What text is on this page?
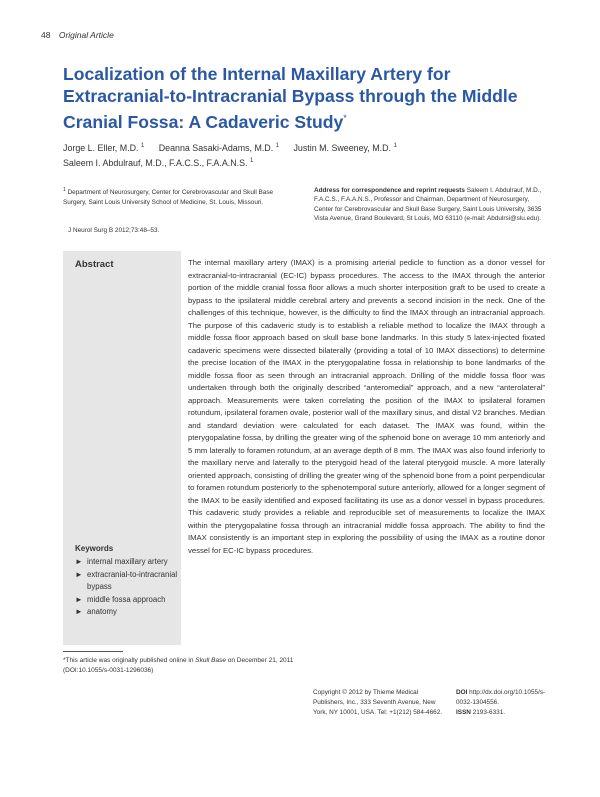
48 Original Article
Localization of the Internal Maxillary Artery for Extracranial-to-Intracranial Bypass through the Middle Cranial Fossa: A Cadaveric Study*
Jorge L. Eller, M.D. $^1$ Deanna Sasaki-Adams, M.D. $^1$ Justin M. Sweeney, M.D. $^1$
Saleem I. Abdulrauf, M.D., F.A.C.S., F.A.A.N.S. $^1$
$^1$ Department of Neurosurgery, Center for Cerebrovascular and Skull Base Surgery, Saint Louis University School of Medicine, St. Louis, Missouri.
J Neurol Surg B 2012;73:48–53.
Address for correspondence and reprint requests Saleem I. Abdulrauf, M.D., F.A.C.S., F.A.A.N.S., Professor and Chairman, Department of Neurosurgery, Center for Cerebrovascular and Skull Base Surgery, Saint Louis University, 3635 Vista Avenue, Grand Boulevard, St Louis, MO 63110 (e-mail: Abdulrsi@slu.edu).
Abstract
Keywords
► internal maxillary artery
► extracranial-to-intracranial bypass
► middle fossa approach
► anatomy
The internal maxillary artery (IMAX) is a promising arterial pedicle to function as a donor vessel for extracranial-to-intracranial (EC-IC) bypass procedures. The access to the IMAX through the anterior portion of the middle cranial fossa floor allows a much shorter interposition graft to be used to create a bypass to the ipsilateral middle cerebral artery and prevents a second incision in the neck. One of the challenges of this technique, however, is the difficulty to find the IMAX through an intracranial approach. The purpose of this cadaveric study is to establish a reliable method to localize the IMAX through a middle fossa floor approach based on skull base bone landmarks. In this study 5 latex-injected fixated cadaveric specimens were dissected bilaterally (providing a total of 10 IMAX dissections) to determine the precise location of the IMAX in the pterygopalatine fossa in relationship to bone landmarks of the middle fossa floor as seen through an intracranial approach. Drilling of the middle fossa floor was undertaken through both the originally described “anteromedial” approach, and a new “anterolateral” approach. Measurements were taken correlating the position of the IMAX to ipsilateral foramen rotundum, ipsilateral foramen ovale, posterior wall of the maxillary sinus, and distal V2 branches. Median and standard deviation were calculated for each dataset. The IMAX was found, within the pterygopalatine fossa, by drilling the greater wing of the sphenoid bone on average 10 mm anteriorly and 5 mm laterally to foramen rotundum, at an average depth of 8 mm. The IMAX was also found inferiorly to the maxillary nerve and laterally to the pterygoid head of the lateral pterygoid muscle. A more laterally oriented approach, consisting of drilling the greater wing of the sphenoid bone from a point perpendicular to foramen rotundum posteriorly to the sphenotemporal suture anteriorly, allowed for a longer segment of the IMAX to be easily identified and exposed facilitating its use as a donor vessel in bypass procedures. This cadaveric study provides a reliable and reproducible set of measurements to localize the IMAX within the pterygopalatine fossa through an intracranial middle fossa approach. The ability to find the IMAX consistently is an important step in exploring the possibility of using the IMAX as a routine donor vessel for EC-IC bypass procedures.
*This article was originally published online in Skull Base on December 21, 2011 (DOI:10.1055/s-0031-1296036)
Copyright © 2012 by Thieme Medical Publishers, Inc., 333 Seventh Avenue, New York, NY 10001, USA. Tel: +1(212) 584-4662.
DOI http://dx.doi.org/10.1055/s-0032-1304556.
ISSN 2193-6331.
